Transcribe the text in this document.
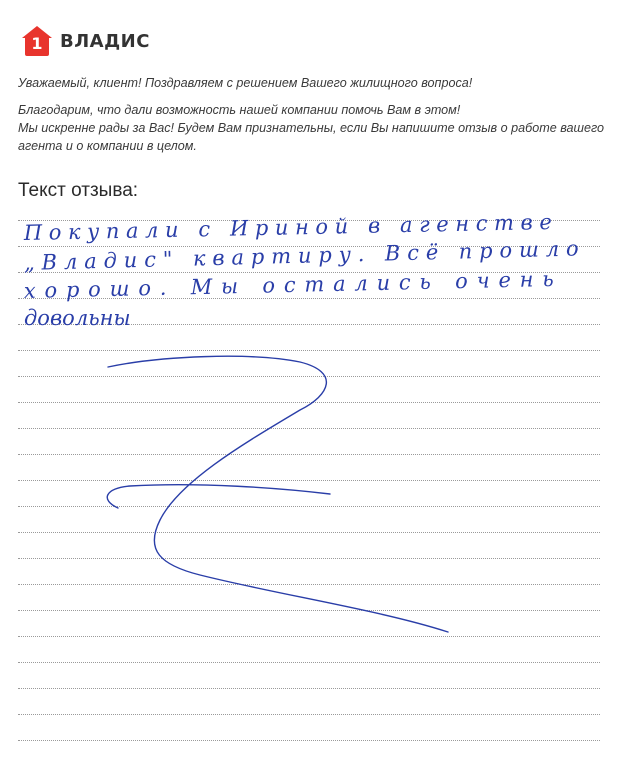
1 ВЛАДИС

Уважаемый, клиент! Поздравляем с решением Вашего жилищного вопроса!

Благодарим, что дали возможность нашей компании помочь Вам в этом!
Мы искренне рады за Вас! Будем Вам признательны, если Вы напишите отзыв о работе вашего агента и о компании в целом.

Текст отзыва:
Покупали с Ириной в агенстве
„Владис" квартиру. Всё прошло
хорошо. Мы остались очень
довольны
